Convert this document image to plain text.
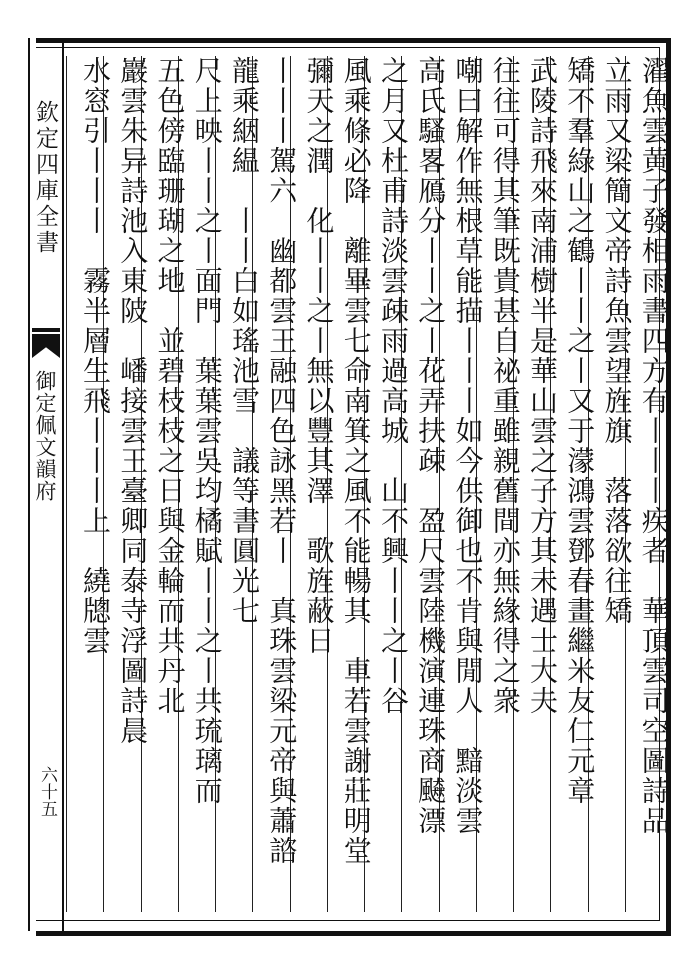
欽定四庫全書
御定佩文韻府
六十五	濯魚雲黄子發相雨書四方有丨丨丨疾者　華頂雲司空圖詩品
立雨又梁簡文帝詩魚雲望旌旗　落落欲往矯
矯不羣綠山之鶴丨丨之丨又于濛鴻雲鄧春畫繼米友仁元章
武陵詩飛來南浦樹半是華山雲之子方其未遇士大夫
往往可得其筆既貴甚自祕重雖親舊間亦無緣得之衆
嘲曰解作無根草能描丨丨丨如今供御也不肯與閒人　黯淡雲
高氏騷畧鴈分丨丨之丨花弄扶疎　盈尺雲陸機演連珠商飇漂
之月又杜甫詩淡雲疎雨過高城　山不興丨丨之丨谷
風乘條必降　離畢雲七命南箕之風不能暢其　車若雲謝莊明堂
彌天之潤　化丨丨之丨無以豐其澤　歌旌蔽日
丨丨丨駕六　幽都雲王融四色詠黑若丨　真珠雲梁元帝與蕭諮
龍乘絪緼　丨丨白如瑤池雪　議等書圓光七
尺上映丨丨之丨面門　葉葉雲吳均橘賦丨丨之丨共琉璃而
五色傍臨珊瑚之地　並碧枝枝之日與金輪而共丹北
巖雲朱异詩池入東陂　嶓接雲王臺卿同泰寺浮圖詩晨
水窓引丨丨丨　霧半層生飛丨丨丨上　繞牕雲
